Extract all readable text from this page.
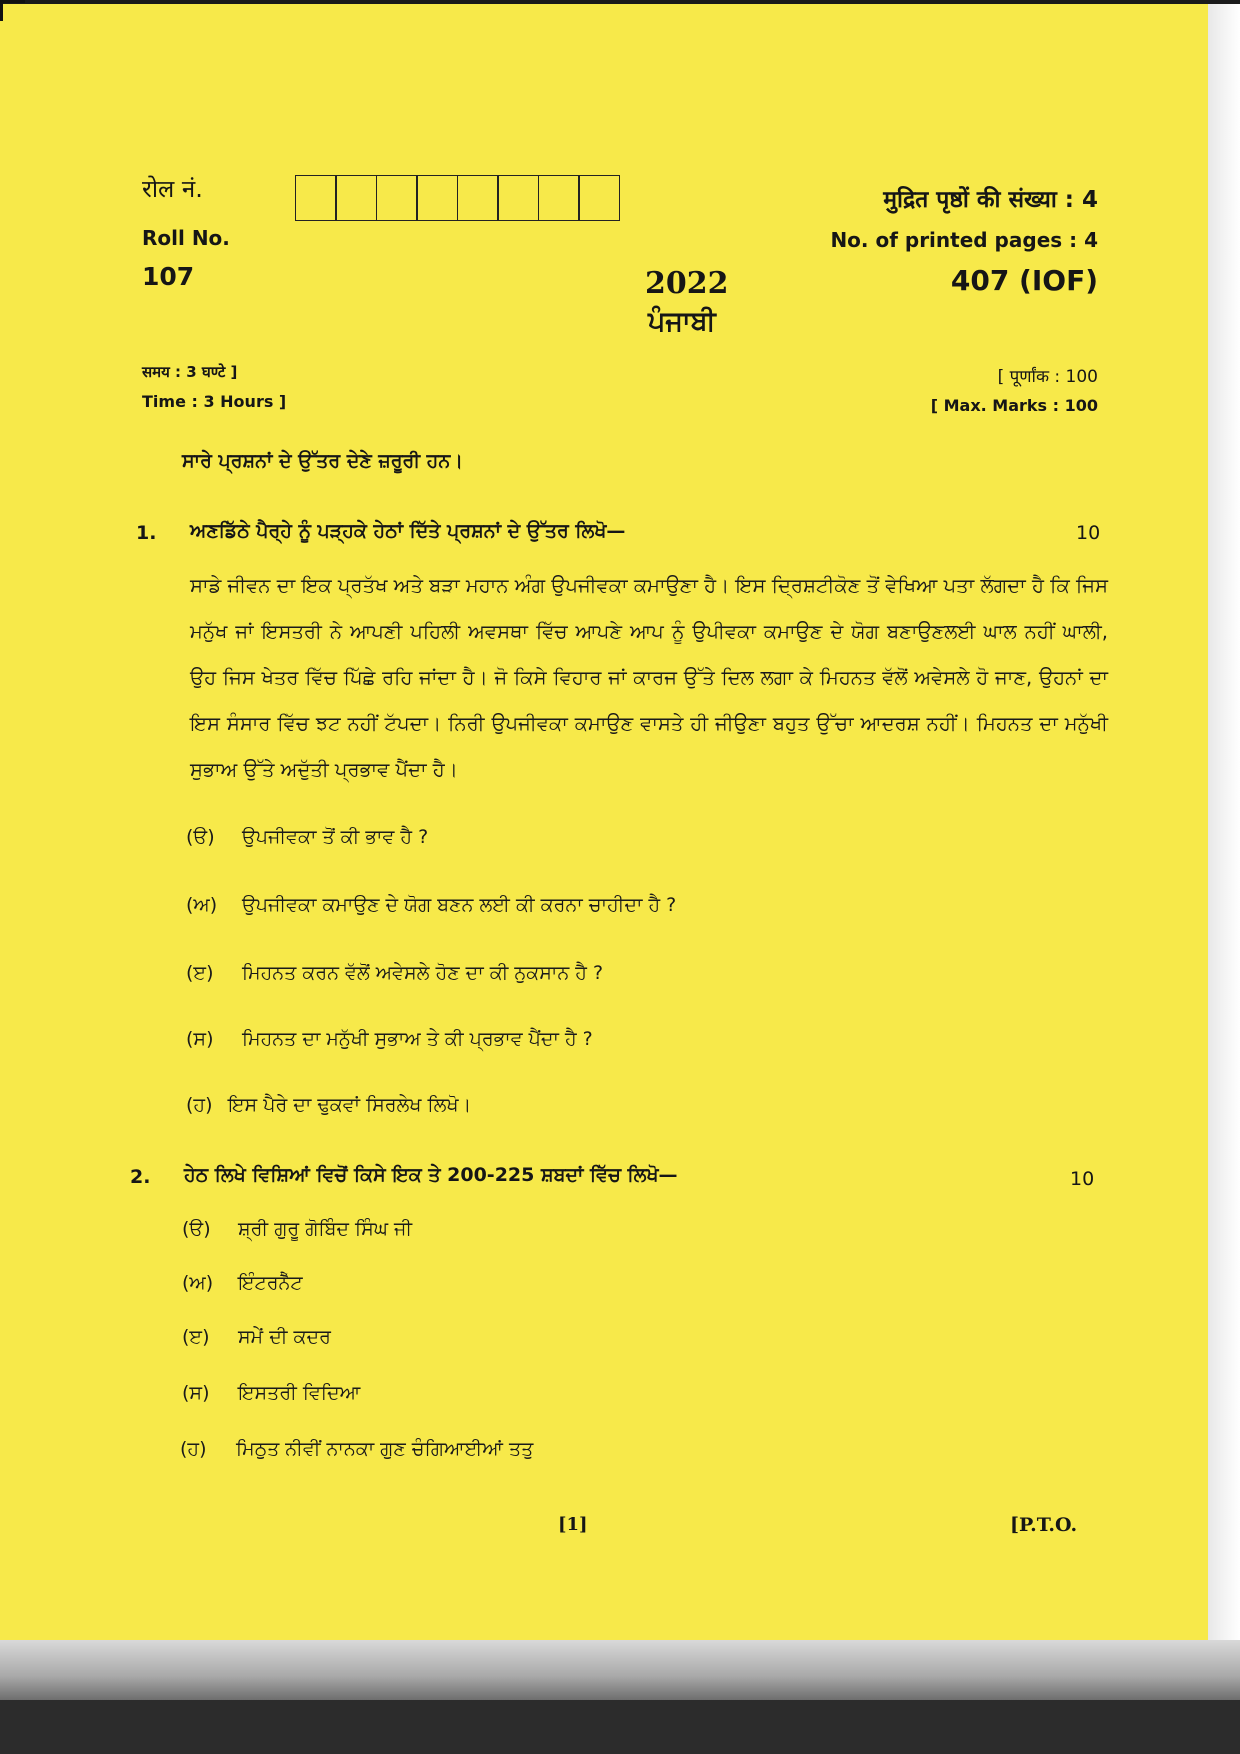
रोल नं.
Roll No.
107
मुद्रित पृष्ठों की संख्या : 4
No. of printed pages : 4
407 (IOF)
2022
ਪੰਜਾਬੀ
समय : 3 घण्टे ]
Time : 3 Hours ]
[ पूर्णांक : 100
[ Max. Marks : 100
ਸਾਰੇ ਪ੍ਰਸ਼ਨਾਂ ਦੇ ਉੱਤਰ ਦੇਣੇ ਜ਼ਰੂਰੀ ਹਨ।
1. ਅਣਡਿੱਠੇ ਪੈਰ੍ਹੇ ਨੂੰ ਪੜ੍ਹਕੇ ਹੇਠਾਂ ਦਿੱਤੇ ਪ੍ਰਸ਼ਨਾਂ ਦੇ ਉੱਤਰ ਲਿਖੋ—	10
ਸਾਡੇ ਜੀਵਨ ਦਾ ਇਕ ਪ੍ਰਤੱਖ ਅਤੇ ਬੜਾ ਮਹਾਨ ਅੰਗ ਉਪਜੀਵਕਾ ਕਮਾਉਣਾ ਹੈ। ਇਸ ਦ੍ਰਿਸ਼ਟੀਕੋਣ ਤੋਂ ਵੇਖਿਆ ਪਤਾ ਲੱਗਦਾ ਹੈ ਕਿ ਜਿਸ ਮਨੁੱਖ ਜਾਂ ਇਸਤਰੀ ਨੇ ਆਪਣੀ ਪਹਿਲੀ ਅਵਸਥਾ ਵਿੱਚ ਆਪਣੇ ਆਪ ਨੂੰ ਉਪੀਵਕਾ ਕਮਾਉਣ ਦੇ ਯੋਗ ਬਣਾਉਣਲਈ ਘਾਲ ਨਹੀਂ ਘਾਲੀ, ਉਹ ਜਿਸ ਖੇਤਰ ਵਿੱਚ ਪਿੱਛੇ ਰਹਿ ਜਾਂਦਾ ਹੈ। ਜੋ ਕਿਸੇ ਵਿਹਾਰ ਜਾਂ ਕਾਰਜ ਉੱਤੇ ਦਿਲ ਲਗਾ ਕੇ ਮਿਹਨਤ ਵੱਲੋਂ ਅਵੇਸਲੇ ਹੋ ਜਾਣ, ਉਹਨਾਂ ਦਾ ਇਸ ਸੰਸਾਰ ਵਿੱਚ ਝਟ ਨਹੀਂ ਟੱਪਦਾ। ਨਿਰੀ ਉਪਜੀਵਕਾ ਕਮਾਉਣ ਵਾਸਤੇ ਹੀ ਜੀਉਣਾ ਬਹੁਤ ਉੱਚਾ ਆਦਰਸ਼ ਨਹੀਂ। ਮਿਹਨਤ ਦਾ ਮਨੁੱਖੀ ਸੁਭਾਅ ਉੱਤੇ ਅਦੁੱਤੀ ਪ੍ਰਭਾਵ ਪੈਂਦਾ ਹੈ।
(ੳ) ਉਪਜੀਵਕਾ ਤੋਂ ਕੀ ਭਾਵ ਹੈ ?
(ਅ) ਉਪਜੀਵਕਾ ਕਮਾਉਣ ਦੇ ਯੋਗ ਬਣਨ ਲਈ ਕੀ ਕਰਨਾ ਚਾਹੀਦਾ ਹੈ ?
(ੲ)	ਮਿਹਨਤ ਕਰਨ ਵੱਲੋਂ ਅਵੇਸਲੇ ਹੋਣ ਦਾ ਕੀ ਨੁਕਸਾਨ ਹੈ ?
(ਸ)	ਮਿਹਨਤ ਦਾ ਮਨੁੱਖੀ ਸੁਭਾਅ ਤੇ ਕੀ ਪ੍ਰਭਾਵ ਪੈਂਦਾ ਹੈ ?
(ਹ) ਇਸ ਪੈਰੇ ਦਾ ਢੁਕਵਾਂ ਸਿਰਲੇਖ ਲਿਖੋ।
2. ਹੇਠ ਲਿਖੇ ਵਿਸ਼ਿਆਂ ਵਿਚੋਂ ਕਿਸੇ ਇਕ ਤੇ 200-225 ਸ਼ਬਦਾਂ ਵਿੱਚ ਲਿਖੋ—	10
(ੳ) ਸ਼੍ਰੀ ਗੁਰੂ ਗੋਬਿੰਦ ਸਿੰਘ ਜੀ
(ਅ) ਇੰਟਰਨੈੱਟ
(ੲ)	ਸਮੇਂ ਦੀ ਕਦਰ
(ਸ)	ਇਸਤਰੀ ਵਿਦਿਆ
(ਹ)	ਮਿਠੁਤ ਨੀਵੀਂ ਨਾਨਕਾ ਗੁਣ ਚੰਗਿਆਈਆਂ ਤਤੁ
[1]	[P.T.O.
